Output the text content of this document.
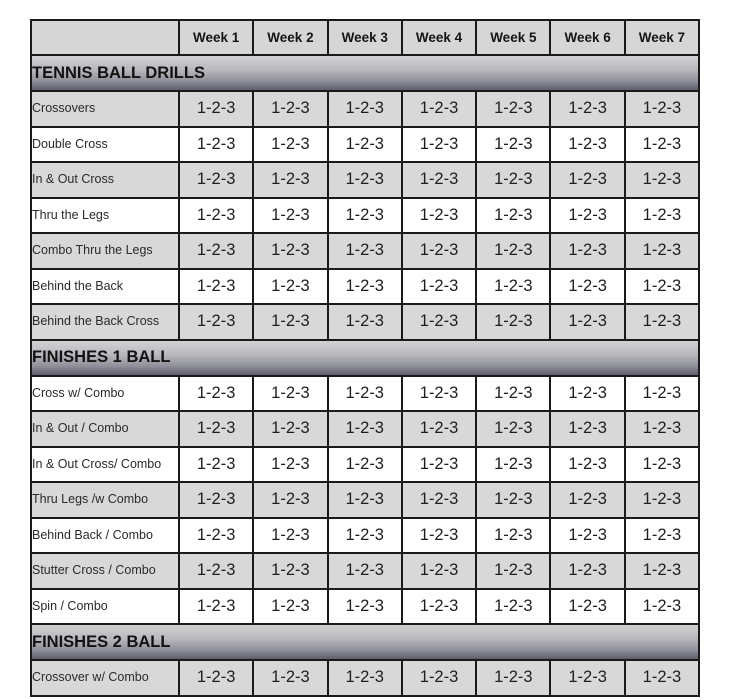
	Week 1	Week 2	Week 3	Week 4	Week 5	Week 6	Week 7
TENNIS BALL DRILLS							
Crossovers	1-2-3	1-2-3	1-2-3	1-2-3	1-2-3	1-2-3	1-2-3
Double Cross	1-2-3	1-2-3	1-2-3	1-2-3	1-2-3	1-2-3	1-2-3
In & Out Cross	1-2-3	1-2-3	1-2-3	1-2-3	1-2-3	1-2-3	1-2-3
Thru the Legs	1-2-3	1-2-3	1-2-3	1-2-3	1-2-3	1-2-3	1-2-3
Combo Thru the Legs	1-2-3	1-2-3	1-2-3	1-2-3	1-2-3	1-2-3	1-2-3
Behind the Back	1-2-3	1-2-3	1-2-3	1-2-3	1-2-3	1-2-3	1-2-3
Behind the Back Cross	1-2-3	1-2-3	1-2-3	1-2-3	1-2-3	1-2-3	1-2-3
FINISHES 1 BALL							
Cross w/ Combo	1-2-3	1-2-3	1-2-3	1-2-3	1-2-3	1-2-3	1-2-3
In & Out / Combo	1-2-3	1-2-3	1-2-3	1-2-3	1-2-3	1-2-3	1-2-3
In & Out Cross/ Combo	1-2-3	1-2-3	1-2-3	1-2-3	1-2-3	1-2-3	1-2-3
Thru Legs /w Combo	1-2-3	1-2-3	1-2-3	1-2-3	1-2-3	1-2-3	1-2-3
Behind Back / Combo	1-2-3	1-2-3	1-2-3	1-2-3	1-2-3	1-2-3	1-2-3
Stutter Cross / Combo	1-2-3	1-2-3	1-2-3	1-2-3	1-2-3	1-2-3	1-2-3
Spin / Combo	1-2-3	1-2-3	1-2-3	1-2-3	1-2-3	1-2-3	1-2-3
FINISHES 2 BALL							
Crossover w/ Combo	1-2-3	1-2-3	1-2-3	1-2-3	1-2-3	1-2-3	1-2-3
